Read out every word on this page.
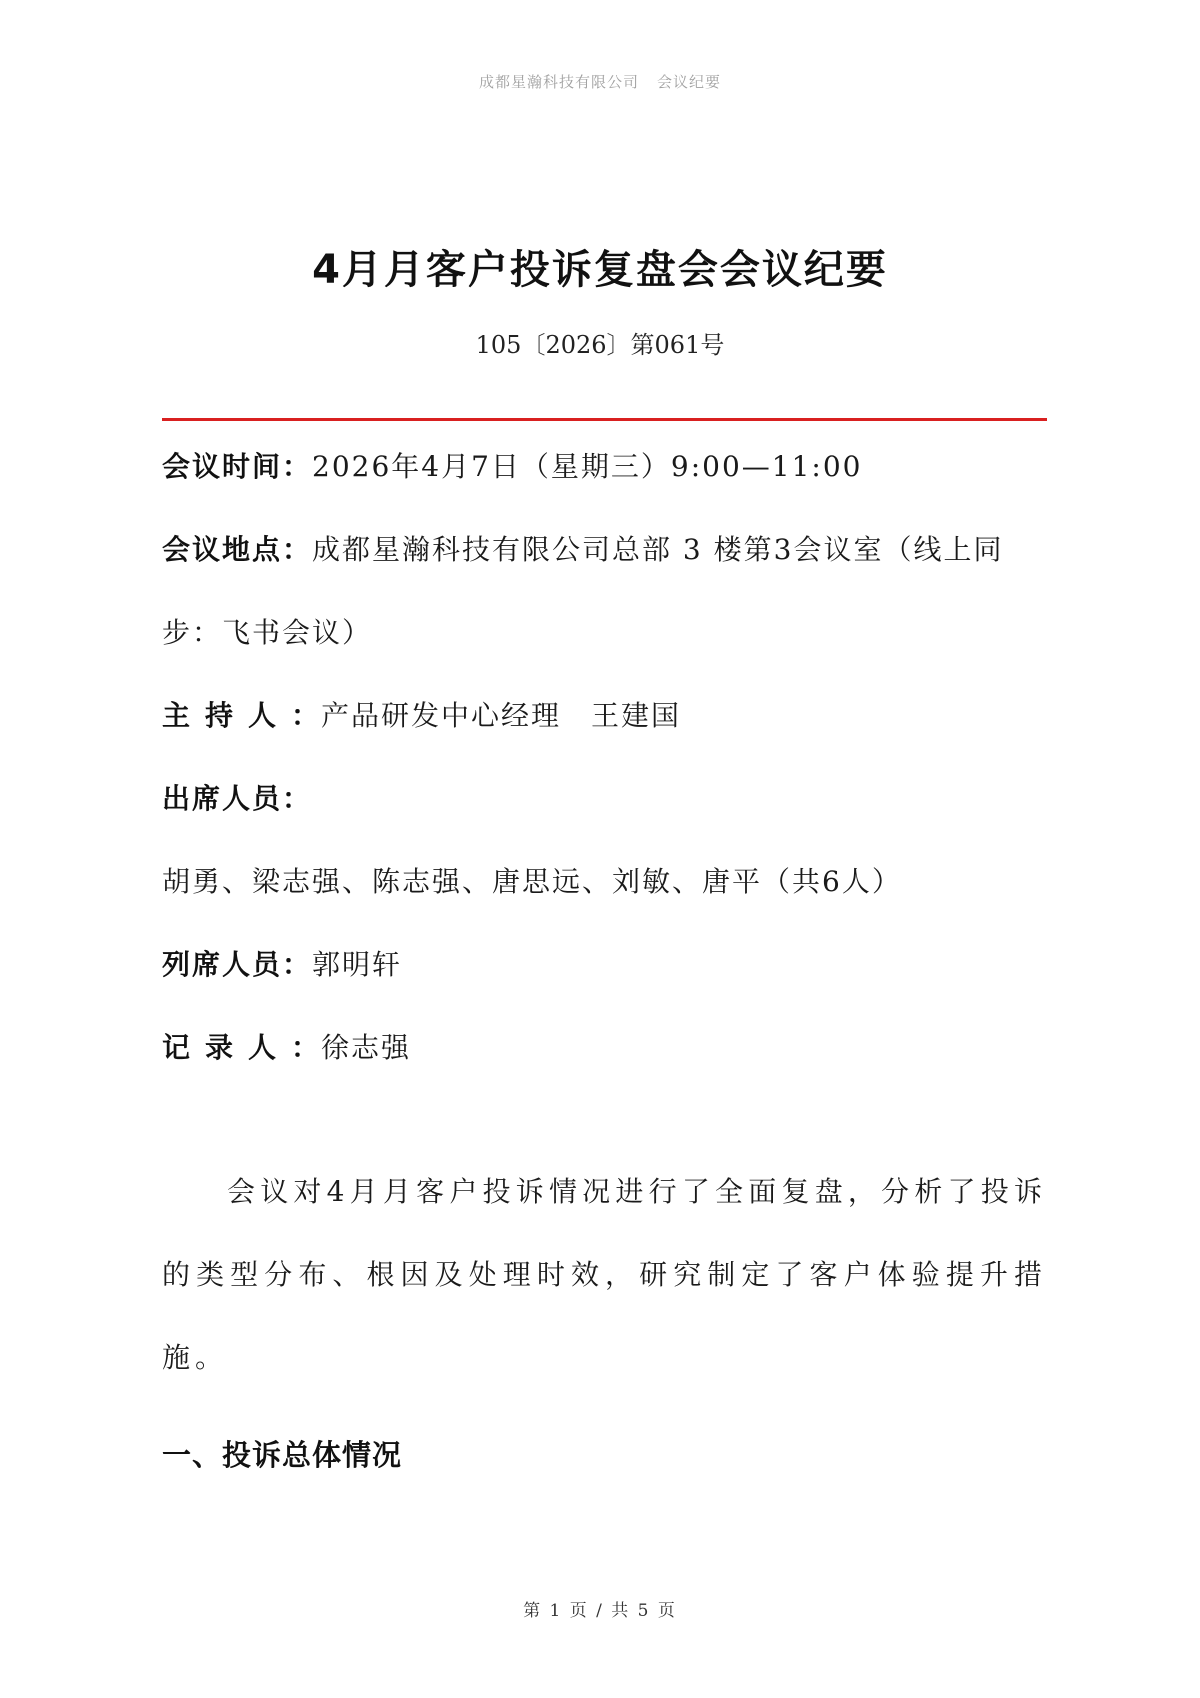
成都星瀚科技有限公司 会议纪要
4月月客户投诉复盘会会议纪要
105〔2026〕第061号
会议时间：2026年4月7日（星期三）9:00—11:00
会议地点：成都星瀚科技有限公司总部 3 楼第3会议室（线上同步：飞书会议）
主持人：产品研发中心经理　王建国
出席人员：胡勇、梁志强、陈志强、唐思远、刘敏、唐平（共6人）
列席人员：郭明轩
记录人：徐志强
会议对4月月客户投诉情况进行了全面复盘，分析了投诉的类型分布、根因及处理时效，研究制定了客户体验提升措施。
一、投诉总体情况
第 1 页 / 共 5 页
